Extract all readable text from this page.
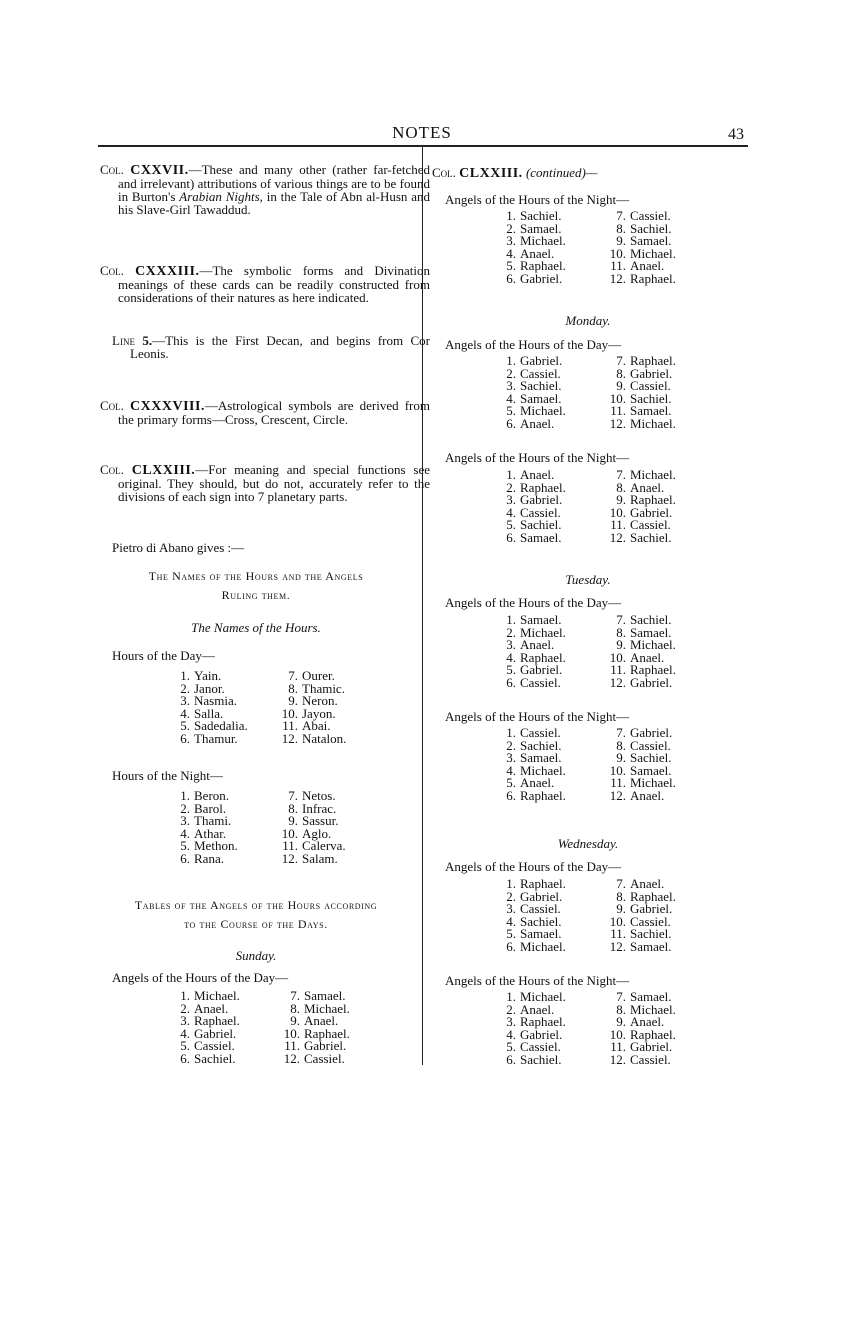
NOTES	43
Col. CXXVII.—These and many other (rather far-fetched and irrelevant) attributions of various things are to be found in Burton's Arabian Nights, in the Tale of Abn al-Husn and his Slave-Girl Tawaddud.
Col. CXXXIII.—The symbolic forms and Divination meanings of these cards can be readily constructed from considerations of their natures as here indicated.
Line 5.—This is the First Decan, and begins from Cor Leonis.
Col. CXXXVIII.—Astrological symbols are derived from the primary forms—Cross, Crescent, Circle.
Col. CLXXIII.—For meaning and special functions see original. They should, but do not, accurately refer to the divisions of each sign into 7 planetary parts.
Pietro di Abano gives :—
The Names of the Hours and the Angels
Ruling them.
The Names of the Hours.
Hours of the Day—
1. Yain.	7. Ourer.
2. Janor.	8. Thamic.
3. Nasmia.	9. Neron.
4. Salla.	10. Jayon.
5. Sadedalia.	11. Abai.
6. Thamur.	12. Natalon.
Hours of the Night—
1. Beron.	7. Netos.
2. Barol.	8. Infrac.
3. Thami.	9. Sassur.
4. Athar.	10. Aglo.
5. Methon.	11. Calerva.
6. Rana.	12. Salam.
Tables of the Angels of the Hours according
to the Course of the Days.
Sunday.
Angels of the Hours of the Day—
1. Michael.	7. Samael.
2. Anael.	8. Michael.
3. Raphael.	9. Anael.
4. Gabriel.	10. Raphael.
5. Cassiel.	11. Gabriel.
6. Sachiel.	12. Cassiel.
Col. CLXXIII. (continued)—
Angels of the Hours of the Night—
1. Sachiel.	7. Cassiel.
2. Samael.	8. Sachiel.
3. Michael.	9. Samael.
4. Anael.	10. Michael.
5. Raphael.	11. Anael.
6. Gabriel.	12. Raphael.
Monday.
Angels of the Hours of the Day—
1. Gabriel.	7. Raphael.
2. Cassiel.	8. Gabriel.
3. Sachiel.	9. Cassiel.
4. Samael.	10. Sachiel.
5. Michael.	11. Samael.
6. Anael.	12. Michael.
Angels of the Hours of the Night—
1. Anael.	7. Michael.
2. Raphael.	8. Anael.
3. Gabriel.	9. Raphael.
4. Cassiel.	10. Gabriel.
5. Sachiel.	11. Cassiel.
6. Samael.	12. Sachiel.
Tuesday.
Angels of the Hours of the Day—
1. Samael.	7. Sachiel.
2. Michael.	8. Samael.
3. Anael.	9. Michael.
4. Raphael.	10. Anael.
5. Gabriel.	11. Raphael.
6. Cassiel.	12. Gabriel.
Angels of the Hours of the Night—
1. Cassiel.	7. Gabriel.
2. Sachiel.	8. Cassiel.
3. Samael.	9. Sachiel.
4. Michael.	10. Samael.
5. Anael.	11. Michael.
6. Raphael.	12. Anael.
Wednesday.
Angels of the Hours of the Day—
1. Raphael.	7. Anael.
2. Gabriel.	8. Raphael.
3. Cassiel.	9. Gabriel.
4. Sachiel.	10. Cassiel.
5. Samael.	11. Sachiel.
6. Michael.	12. Samael.
Angels of the Hours of the Night—
1. Michael.	7. Samael.
2. Anael.	8. Michael.
3. Raphael.	9. Anael.
4. Gabriel.	10. Raphael.
5. Cassiel.	11. Gabriel.
6. Sachiel.	12. Cassiel.
